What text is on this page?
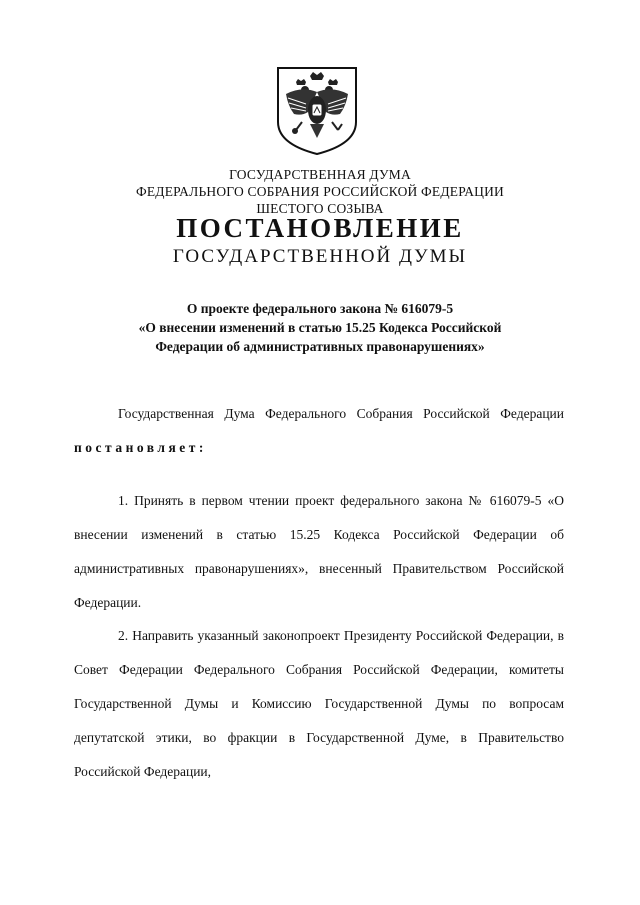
ГОСУДАРСТВЕННАЯ ДУМА
ФЕДЕРАЛЬНОГО СОБРАНИЯ РОССИЙСКОЙ ФЕДЕРАЦИИ
ШЕСТОГО СОЗЫВА
ПОСТАНОВЛЕНИЕ
ГОСУДАРСТВЕННОЙ ДУМЫ
О проекте федерального закона № 616079-5
«О внесении изменений в статью 15.25 Кодекса Российской
Федерации об административных правонарушениях»
Государственная Дума Федерального Собрания Российской Федерации постановляет:
1. Принять в первом чтении проект федерального закона № 616079-5 «О внесении изменений в статью 15.25 Кодекса Российской Федерации об административных правонарушениях», внесенный Правительством Российской Федерации.
2. Направить указанный законопроект Президенту Российской Федерации, в Совет Федерации Федерального Собрания Российской Федерации, комитеты Государственной Думы и Комиссию Государственной Думы по вопросам депутатской этики, во фракции в Государственной Думе, в Правительство Российской Федерации,
